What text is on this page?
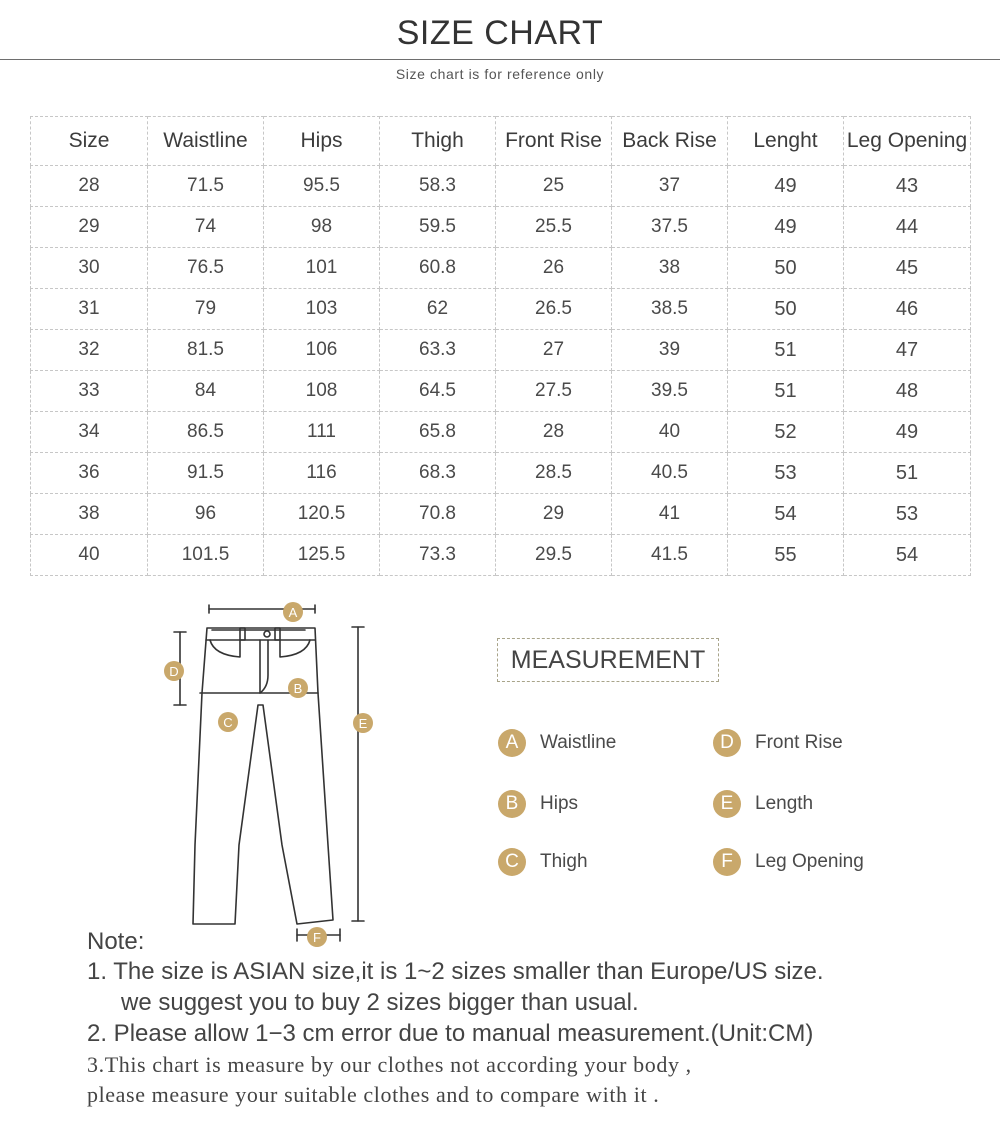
SIZE CHART
Size chart is for reference only
Size	Waistline	Hips	Thigh	Front Rise	Back Rise	Lenght	Leg Opening
28	71.5	95.5	58.3	25	37	49	43
29	74	98	59.5	25.5	37.5	49	44
30	76.5	101	60.8	26	38	50	45
31	79	103	62	26.5	38.5	50	46
32	81.5	106	63.3	27	39	51	47
33	84	108	64.5	27.5	39.5	51	48
34	86.5	111	65.8	28	40	52	49
36	91.5	116	68.3	28.5	40.5	53	51
38	96	120.5	70.8	29	41	54	53
40	101.5	125.5	73.3	29.5	41.5	55	54
A
B
C
D
E
F
MEASUREMENT
A	Waistline
B	Hips
C	Thigh
D	Front Rise
E	Length
F	Leg Opening
Note:
1. The size is ASIAN size,it is 1~2 sizes smaller than Europe/US size.
we suggest you to buy 2 sizes bigger than usual.
2. Please allow 1−3 cm error due to manual measurement.(Unit:CM)
3.This chart is measure by our clothes not according your body ,
please measure your suitable clothes and to compare with it .
